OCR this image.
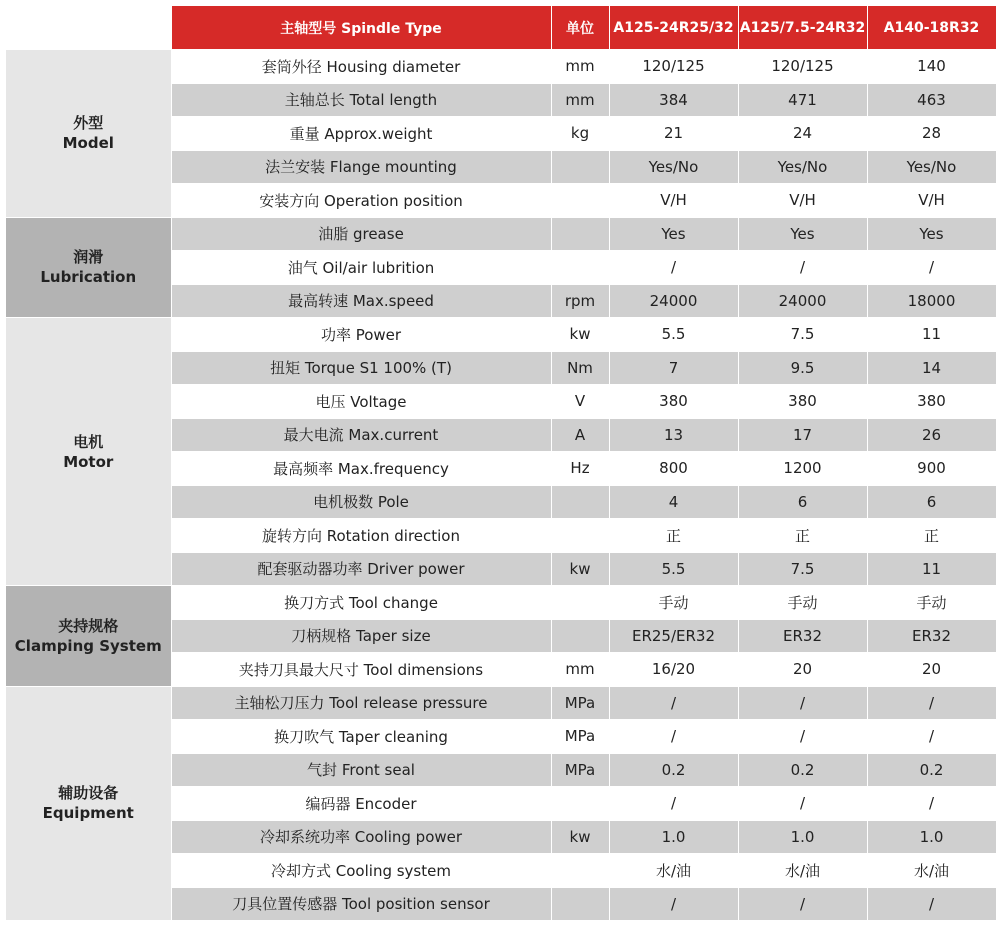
	主轴型号 Spindle Type	单位	A125-24R25/32	A125/7.5-24R32	A140-18R32

外型
Model	套筒外径 Housing diameter	mm	120/125	120/125	140
	主轴总长 Total length	mm	384	471	463
	重量 Approx.weight	kg	21	24	28
	法兰安装 Flange mounting		Yes/No	Yes/No	Yes/No
	安装方向 Operation position		V/H	V/H	V/H

润滑
Lubrication	油脂 grease		Yes	Yes	Yes
	油气 Oil/air lubrition		/	/	/
	最高转速 Max.speed	rpm	24000	24000	18000

电机
Motor	功率 Power	kw	5.5	7.5	11
	扭矩 Torque S1 100% (T)	Nm	7	9.5	14
	电压 Voltage	V	380	380	380
	最大电流 Max.current	A	13	17	26
	最高频率 Max.frequency	Hz	800	1200	900
	电机极数 Pole		4	6	6
	旋转方向 Rotation direction		正	正	正
	配套驱动器功率 Driver power	kw	5.5	7.5	11

夹持规格
Clamping System	换刀方式 Tool change		手动	手动	手动
	刀柄规格 Taper size		ER25/ER32	ER32	ER32
	夹持刀具最大尺寸 Tool dimensions	mm	16/20	20	20

辅助设备
Equipment	主轴松刀压力 Tool release pressure	MPa	/	/	/
	换刀吹气 Taper cleaning	MPa	/	/	/
	气封 Front seal	MPa	0.2	0.2	0.2
	编码器 Encoder		/	/	/
	冷却系统功率 Cooling power	kw	1.0	1.0	1.0
	冷却方式 Cooling system		水/油	水/油	水/油
	刀具位置传感器 Tool position sensor		/	/	/
